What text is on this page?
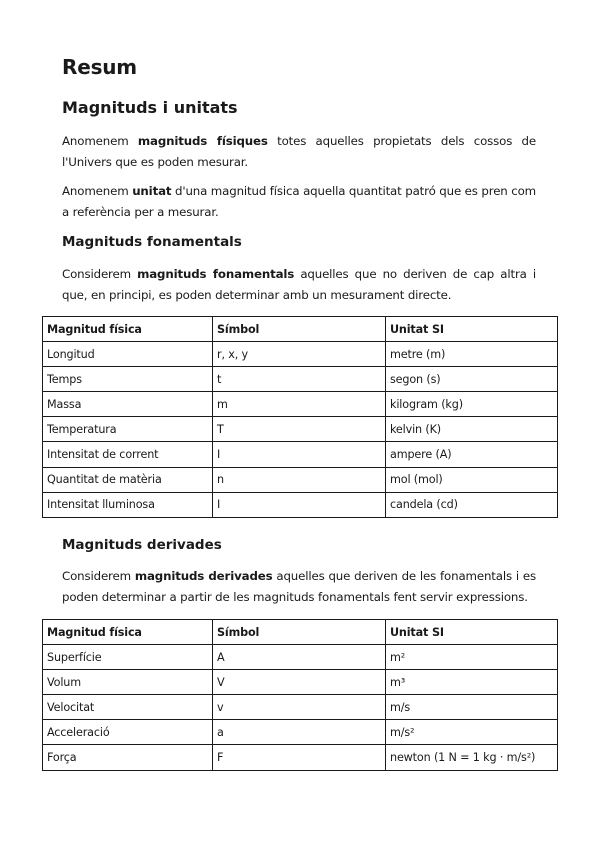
Resum
Magnituds i unitats

Anomenem magnituds físiques totes aquelles propietats dels cossos de l'Univers que es poden mesurar.

Anomenem unitat d'una magnitud física aquella quantitat patró que es pren com a referència per a mesurar.

Magnituds fonamentals

Considerem magnituds fonamentals aquelles que no deriven de cap altra i que, en principi, es poden determinar amb un mesurament directe.

Magnitud física	Símbol	Unitat SI
Longitud	r, x, y	metre (m)
Temps	t	segon (s)
Massa	m	kilogram (kg)
Temperatura	T	kelvin (K)
Intensitat de corrent	I	ampere (A)
Quantitat de matèria	n	mol (mol)
Intensitat lluminosa	I	candela (cd)
Magnituds derivades

Considerem magnituds derivades aquelles que deriven de les fonamentals i es poden determinar a partir de les magnituds fonamentals fent servir expressions.

Magnitud física	Símbol	Unitat SI
Superfície	A	m²
Volum	V	m³
Velocitat	v	m/s
Acceleració	a	m/s²
Força	F	newton (1 N = 1 kg · m/s²)
